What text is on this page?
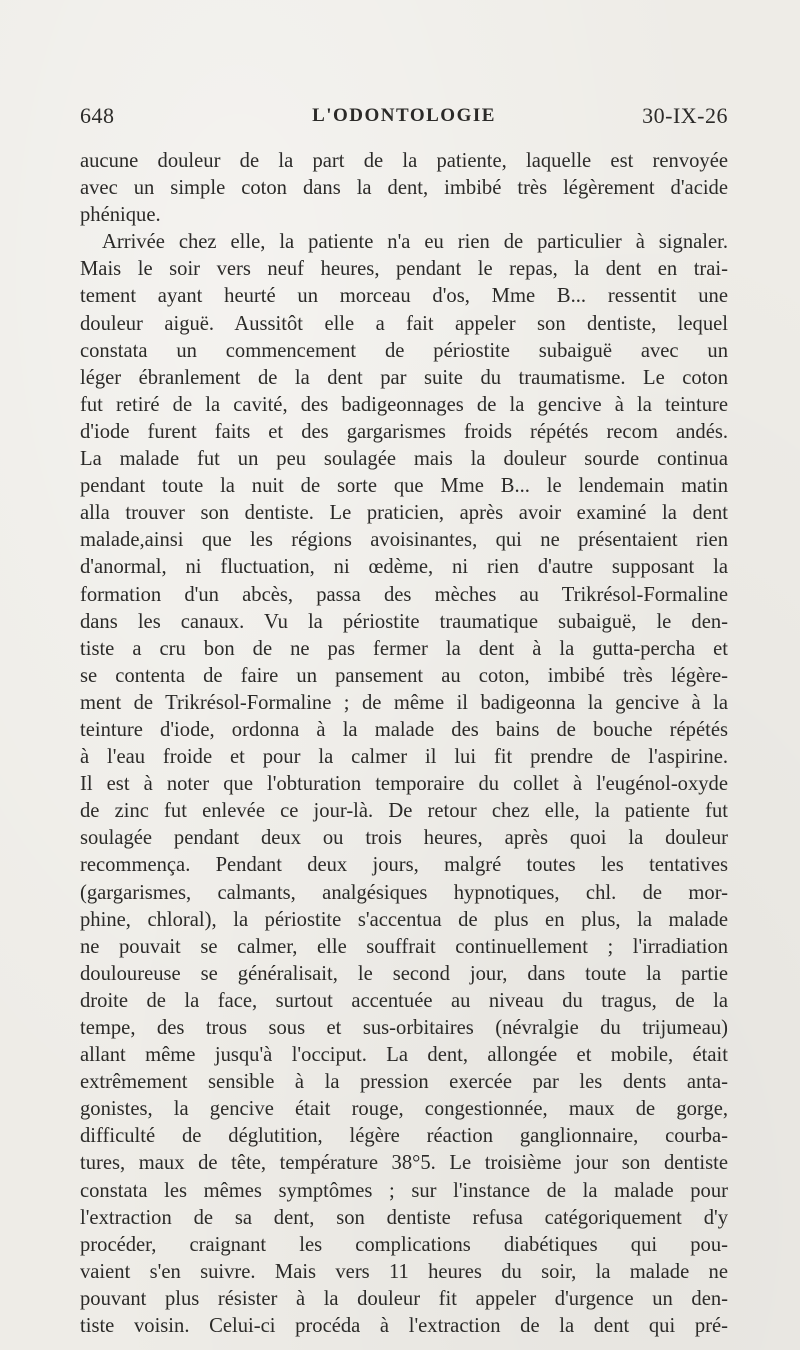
648	L'ODONTOLOGIE	30-IX-26
aucune douleur de la part de la patiente, laquelle est renvoyée
avec un simple coton dans la dent, imbibé très légèrement d'acide
phénique.
Arrivée chez elle, la patiente n'a eu rien de particulier à signaler.
Mais le soir vers neuf heures, pendant le repas, la dent en trai-
tement ayant heurté un morceau d'os, Mme B... ressentit une
douleur aiguë. Aussitôt elle a fait appeler son dentiste, lequel
constata un commencement de périostite subaiguë avec un
léger ébranlement de la dent par suite du traumatisme. Le coton
fut retiré de la cavité, des badigeonnages de la gencive à la teinture
d'iode furent faits et des gargarismes froids répétés recom andés.
La malade fut un peu soulagée mais la douleur sourde continua
pendant toute la nuit de sorte que Mme B... le lendemain matin
alla trouver son dentiste. Le praticien, après avoir examiné la dent
malade,ainsi que les régions avoisinantes, qui ne présentaient rien
d'anormal, ni fluctuation, ni œdème, ni rien d'autre supposant la
formation d'un abcès, passa des mèches au Trikrésol-Formaline
dans les canaux. Vu la périostite traumatique subaiguë, le den-
tiste a cru bon de ne pas fermer la dent à la gutta-percha et
se contenta de faire un pansement au coton, imbibé très légère-
ment de Trikrésol-Formaline ; de même il badigeonna la gencive à la
teinture d'iode, ordonna à la malade des bains de bouche répétés
à l'eau froide et pour la calmer il lui fit prendre de l'aspirine.
Il est à noter que l'obturation temporaire du collet à l'eugénol-oxyde
de zinc fut enlevée ce jour-là. De retour chez elle, la patiente fut
soulagée pendant deux ou trois heures, après quoi la douleur
recommença. Pendant deux jours, malgré toutes les tentatives
(gargarismes, calmants, analgésiques hypnotiques, chl. de mor-
phine, chloral), la périostite s'accentua de plus en plus, la malade
ne pouvait se calmer, elle souffrait continuellement ; l'irradiation
douloureuse se généralisait, le second jour, dans toute la partie
droite de la face, surtout accentuée au niveau du tragus, de la
tempe, des trous sous et sus-orbitaires (névralgie du trijumeau)
allant même jusqu'à l'occiput. La dent, allongée et mobile, était
extrêmement sensible à la pression exercée par les dents anta-
gonistes, la gencive était rouge, congestionnée, maux de gorge,
difficulté de déglutition, légère réaction ganglionnaire, courba-
tures, maux de tête, température 38°5. Le troisième jour son dentiste
constata les mêmes symptômes ; sur l'instance de la malade pour
l'extraction de sa dent, son dentiste refusa catégoriquement d'y
procéder, craignant les complications diabétiques qui pou-
vaient s'en suivre. Mais vers 11 heures du soir, la malade ne
pouvant plus résister à la douleur fit appeler d'urgence un den-
tiste voisin. Celui-ci procéda à l'extraction de la dent qui pré-
